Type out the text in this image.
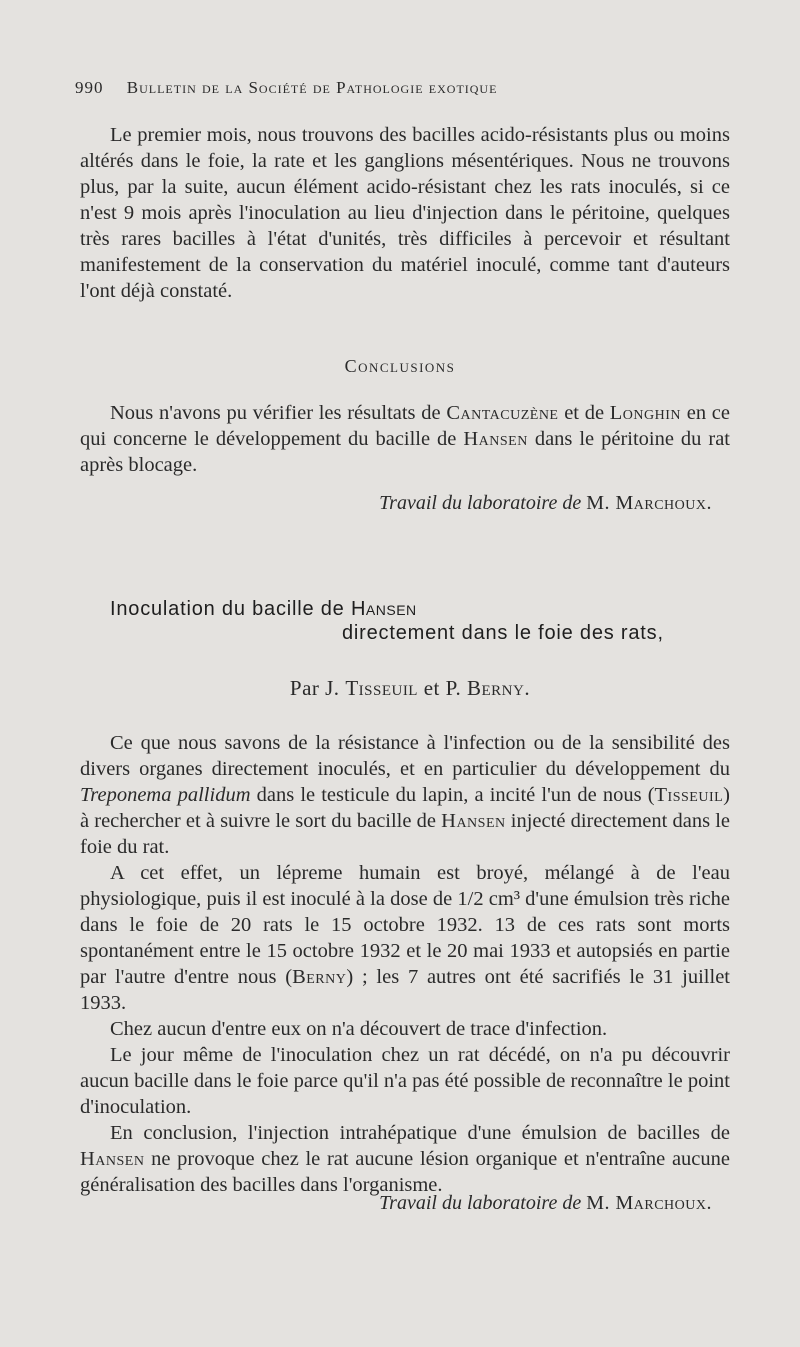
990 Bulletin de la Société de Pathologie exotique
Le premier mois, nous trouvons des bacilles acido-résistants plus ou moins altérés dans le foie, la rate et les ganglions mésentériques. Nous ne trouvons plus, par la suite, aucun élément acido-résistant chez les rats inoculés, si ce n'est 9 mois après l'inoculation au lieu d'injection dans le péritoine, quelques très rares bacilles à l'état d'unités, très difficiles à percevoir et résultant manifestement de la conservation du matériel inoculé, comme tant d'auteurs l'ont déjà constaté.
Conclusions
Nous n'avons pu vérifier les résultats de Cantacuzène et de Longhin en ce qui concerne le développement du bacille de Hansen dans le péritoine du rat après blocage.
Travail du laboratoire de M. Marchoux.
Inoculation du bacille de Hansen
directement dans le foie des rats,
Par J. Tisseuil et P. Berny.

Ce que nous savons de la résistance à l'infection ou de la sensibilité des divers organes directement inoculés, et en particulier du développement du Treponema pallidum dans le testicule du lapin, a incité l'un de nous (Tisseuil) à rechercher et à suivre le sort du bacille de Hansen injecté directement dans le foie du rat.

A cet effet, un lépreme humain est broyé, mélangé à de l'eau physiologique, puis il est inoculé à la dose de 1/2 cm³ d'une émulsion très riche dans le foie de 20 rats le 15 octobre 1932. 13 de ces rats sont morts spontanément entre le 15 octobre 1932 et le 20 mai 1933 et autopsiés en partie par l'autre d'entre nous (Berny) ; les 7 autres ont été sacrifiés le 31 juillet 1933.

Chez aucun d'entre eux on n'a découvert de trace d'infection.

Le jour même de l'inoculation chez un rat décédé, on n'a pu découvrir aucun bacille dans le foie parce qu'il n'a pas été possible de reconnaître le point d'inoculation.

En conclusion, l'injection intrahépatique d'une émulsion de bacilles de Hansen ne provoque chez le rat aucune lésion organique et n'entraîne aucune généralisation des bacilles dans l'organisme.

Travail du laboratoire de M. Marchoux.
